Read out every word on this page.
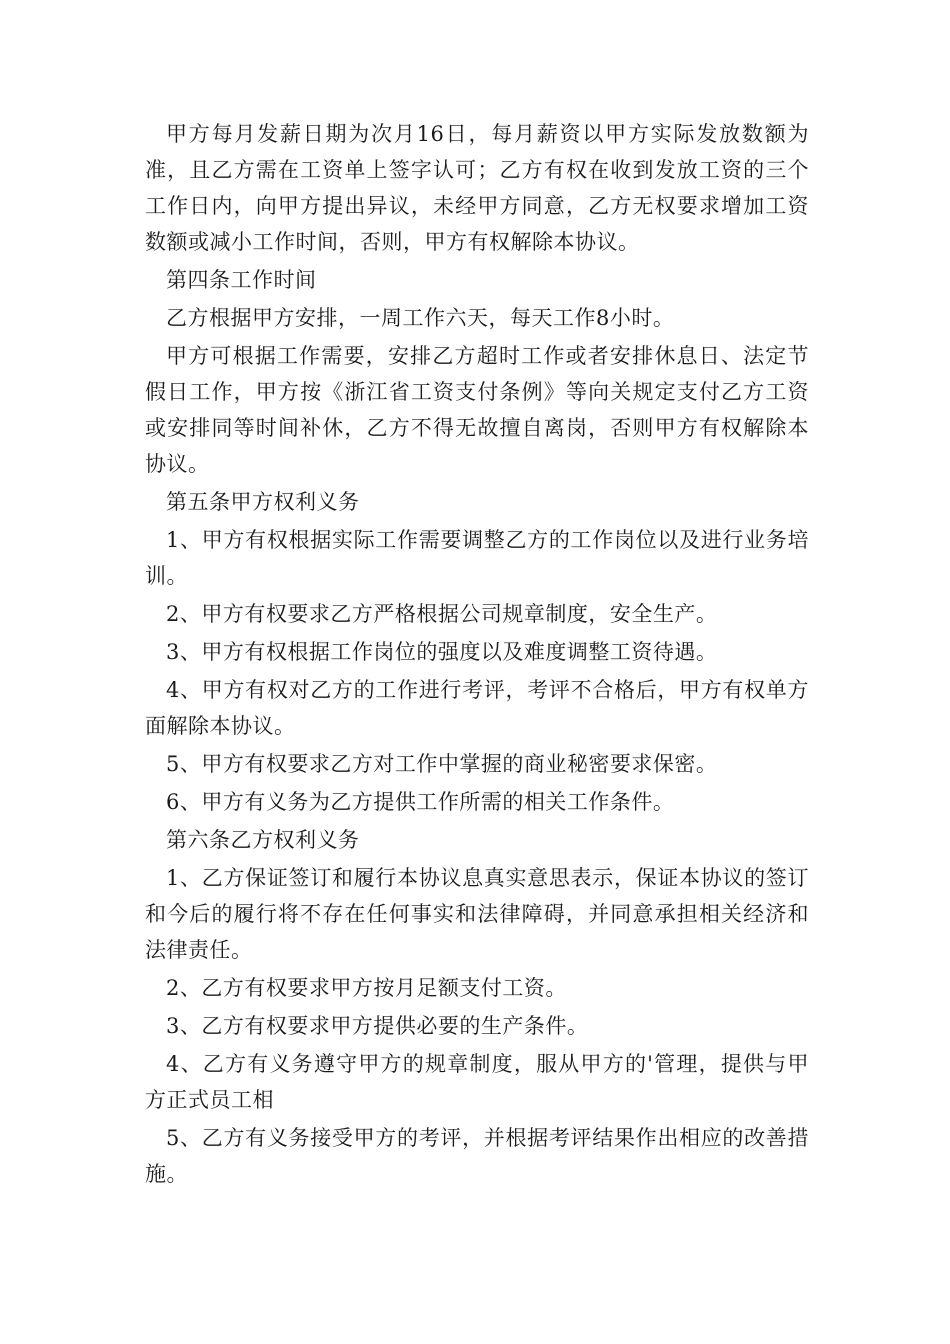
甲方每月发薪日期为次月16日，每月薪资以甲方实际发放数额为准，且乙方需在工资单上签字认可；乙方有权在收到发放工资的三个工作日内，向甲方提出异议，未经甲方同意，乙方无权要求增加工资数额或减小工作时间，否则，甲方有权解除本协议。

第四条工作时间

乙方根据甲方安排，一周工作六天，每天工作8小时。

甲方可根据工作需要，安排乙方超时工作或者安排休息日、法定节假日工作，甲方按《浙江省工资支付条例》等向关规定支付乙方工资或安排同等时间补休，乙方不得无故擅自离岗，否则甲方有权解除本协议。

第五条甲方权利义务

1、甲方有权根据实际工作需要调整乙方的工作岗位以及进行业务培训。

2、甲方有权要求乙方严格根据公司规章制度，安全生产。

3、甲方有权根据工作岗位的强度以及难度调整工资待遇。

4、甲方有权对乙方的工作进行考评，考评不合格后，甲方有权单方面解除本协议。

5、甲方有权要求乙方对工作中掌握的商业秘密要求保密。

6、甲方有义务为乙方提供工作所需的相关工作条件。

第六条乙方权利义务

1、乙方保证签订和履行本协议息真实意思表示，保证本协议的签订和今后的履行将不存在任何事实和法律障碍，并同意承担相关经济和法律责任。

2、乙方有权要求甲方按月足额支付工资。

3、乙方有权要求甲方提供必要的生产条件。

4、乙方有义务遵守甲方的规章制度，服从甲方的'管理，提供与甲方正式员工相

5、乙方有义务接受甲方的考评，并根据考评结果作出相应的改善措施。
